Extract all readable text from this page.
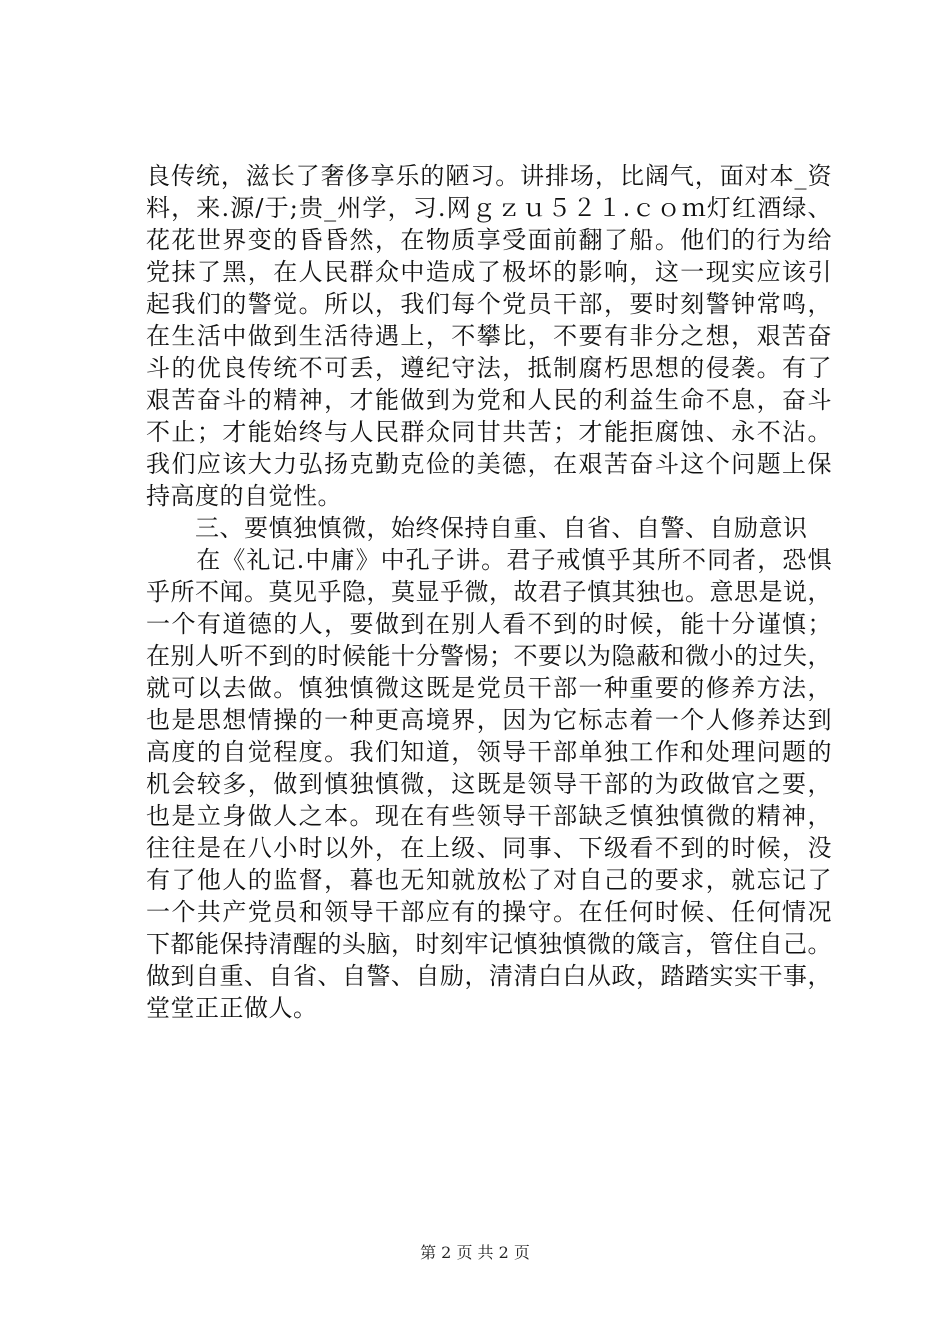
良传统，滋长了奢侈享乐的陋习。讲排场，比阔气，面对本_资
料，来.源/于;贵_州学，习.网ｇｚｕ５２１.ｃｏｍ灯红酒绿、
花花世界变的昏昏然，在物质享受面前翻了船。他们的行为给
党抹了黑，在人民群众中造成了极坏的影响，这一现实应该引
起我们的警觉。所以，我们每个党员干部，要时刻警钟常鸣，
在生活中做到生活待遇上，不攀比，不要有非分之想，艰苦奋
斗的优良传统不可丢，遵纪守法，抵制腐朽思想的侵袭。有了
艰苦奋斗的精神，才能做到为党和人民的利益生命不息，奋斗
不止；才能始终与人民群众同甘共苦；才能拒腐蚀、永不沾。
我们应该大力弘扬克勤克俭的美德，在艰苦奋斗这个问题上保
持高度的自觉性。
　　三、要慎独慎微，始终保持自重、自省、自警、自励意识
　　在《礼记.中庸》中孔子讲。君子戒慎乎其所不同者，恐惧
乎所不闻。莫见乎隐，莫显乎微，故君子慎其独也。意思是说，
一个有道德的人，要做到在别人看不到的时候，能十分谨慎；
在别人听不到的时候能十分警惕；不要以为隐蔽和微小的过失，
就可以去做。慎独慎微这既是党员干部一种重要的修养方法，
也是思想情操的一种更高境界，因为它标志着一个人修养达到
高度的自觉程度。我们知道，领导干部单独工作和处理问题的
机会较多，做到慎独慎微，这既是领导干部的为政做官之要，
也是立身做人之本。现在有些领导干部缺乏慎独慎微的精神，
往往是在八小时以外，在上级、同事、下级看不到的时候，没
有了他人的监督，暮也无知就放松了对自己的要求，就忘记了
一个共产党员和领导干部应有的操守。在任何时候、任何情况
下都能保持清醒的头脑，时刻牢记慎独慎微的箴言，管住自己。
做到自重、自省、自警、自励，清清白白从政，踏踏实实干事，
堂堂正正做人。
第 2 页 共 2 页
